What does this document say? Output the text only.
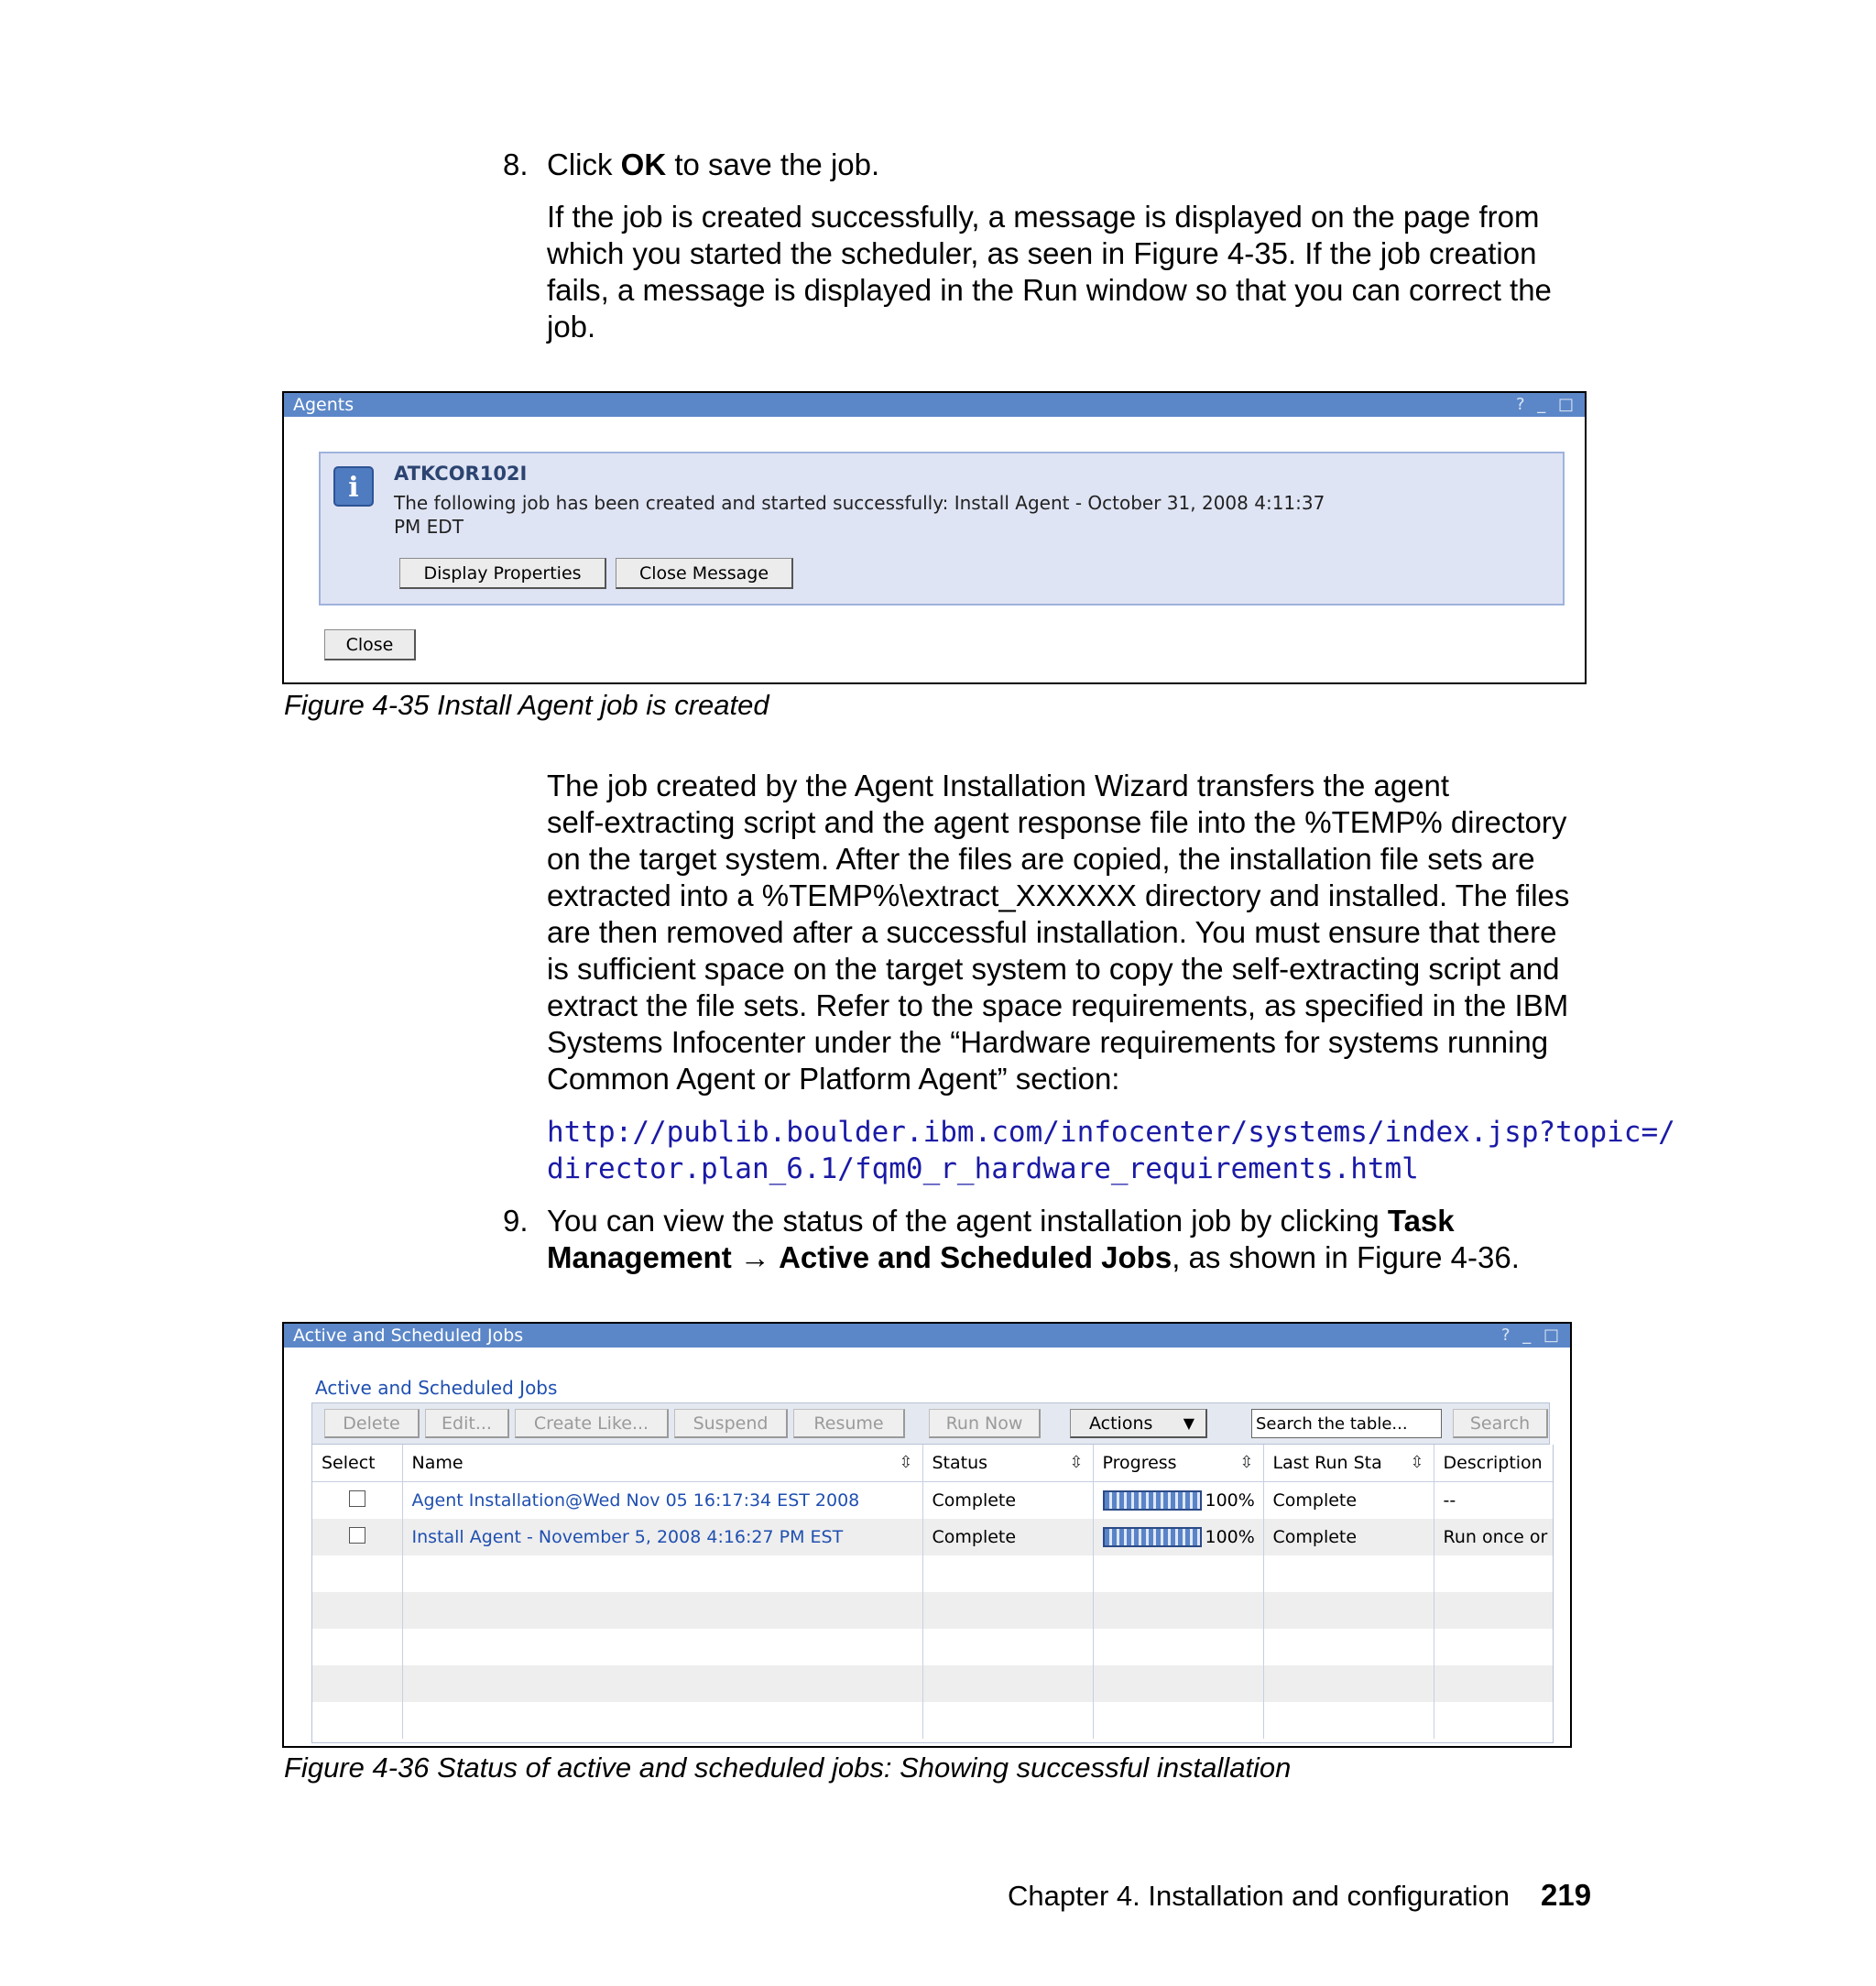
8. Click OK to save the job.
If the job is created successfully, a message is displayed on the page from
which you started the scheduler, as seen in Figure 4-35. If the job creation
fails, a message is displayed in the Run window so that you can correct the
job.
Agents	? _ □
i	ATKCOR102I
The following job has been created and started successfully: Install Agent - October 31, 2008 4:11:37
PM EDT
Display Properties	Close Message
Close
Figure 4-35 Install Agent job is created
The job created by the Agent Installation Wizard transfers the agent
self-extracting script and the agent response file into the %TEMP% directory
on the target system. After the files are copied, the installation file sets are
extracted into a %TEMP%\extract_XXXXXX directory and installed. The files
are then removed after a successful installation. You must ensure that there
is sufficient space on the target system to copy the self-extracting script and
extract the file sets. Refer to the space requirements, as specified in the IBM
Systems Infocenter under the “Hardware requirements for systems running
Common Agent or Platform Agent” section:
http://publib.boulder.ibm.com/infocenter/systems/index.jsp?topic=/
director.plan_6.1/fqm0_r_hardware_requirements.html
9. You can view the status of the agent installation job by clicking Task
Management → Active and Scheduled Jobs, as shown in Figure 4-36.
Active and Scheduled Jobs	? _ □
Active and Scheduled Jobs
Delete	Edit...	Create Like...	Suspend	Resume	Run Now	Actions ▼
Search the table...	Search
Select	Name ⇳	Status ⇳	Progress ⇳	Last Run Sta ⇳	Description
	Agent Installation@Wed Nov 05 16:17:34 EST 2008	Complete	100%	Complete	--
	Install Agent - November 5, 2008 4:16:27 PM EST	Complete	100%	Complete	Run once or

Figure 4-36 Status of active and scheduled jobs: Showing successful installation
Chapter 4. Installation and configuration 219
